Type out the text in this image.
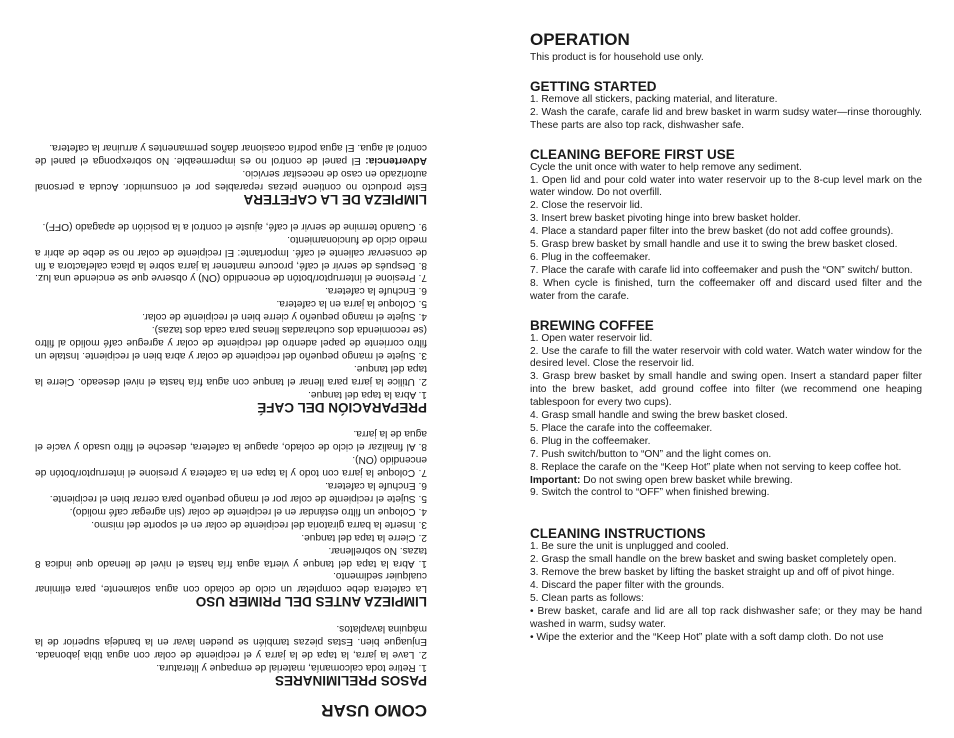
COMO USAR
PASOS PRELIMINARES

1. Retire toda calcomanía, material de empaque y literatura.

2. Lave la jarra, la tapa de la jarra y el recipiente de colar con agua tibia jabonada. Enjuague bien. Estas piezas también se pueden lavar en la bandeja superior de la máquina lavaplatos.

LIMPIEZA ANTES DEL PRIMER USO

La cafetera debe completar un ciclo de colado con agua solamente, para eliminar cualquier sedimento.

1. Abra la tapa del tanque y vierta agua fría hasta el nivel de llenado que indica 8 tazas. No sobrellenar.

2. Cierre la tapa del tanque.

3. Inserte la barra giratoria del recipiente de colar en el soporte del mismo.

4. Coloque un filtro estándar en el recipiente de colar (sin agregar café molido).

5. Sujete el recipiente de colar por el mango pequeño para cerrar bien el recipiente.

6. Enchufe la cafetera.

7. Coloque la jarra con todo y la tapa en la cafetera y presione el interruptor/botón de encendido (ON).

8. Al finalizar el ciclo de colado, apague la cafetera, deseche el filtro usado y vacíe el agua de la jarra.

PREPARACIÓN DEL CAFÉ

1. Abra la tapa del tanque.

2. Utilice la jarra para llenar el tanque con agua fría hasta el nivel deseado. Cierre la tapa del tanque.

3. Sujete el mango pequeño del recipiente de colar y abra bien el recipiente. Instale un filtro corriente de papel adentro del recipiente de colar y agregue café molido al filtro (se recomienda dos cucharadas llenas para cada dos tazas).

4. Sujete el mango pequeño y cierre bien el recipiente de colar.

5. Coloque la jarra en la cafetera.

6. Enchufe la cafetera.

7. Presione el interruptor/botón de encendido (ON) y observe que se enciende una luz.

8. Después de servir el café, procure mantener la jarra sobre la placa calefactora a fin de conservar caliente el café. Importante: El recipiente de colar no se debe de abrir a medio ciclo de funcionamiento.

9. Cuando termine de servir el café, ajuste el control a la posición de apagado (OFF).

LIMPIEZA DE LA CAFETERA

Este producto no contiene piezas reparables por el consumidor. Acuda a personal autorizado en caso de necesitar servicio.

Advertencia: El panel de control no es impermeable. No sobrexponga el panel de control al agua. El agua podría ocasionar daños permanentes y arruinar la cafetera.

OPERATION

This product is for household use only.

GETTING STARTED

1. Remove all stickers, packing material, and literature.

2. Wash the carafe, carafe lid and brew basket in warm sudsy water—rinse thoroughly. These parts are also top rack, dishwasher safe.

CLEANING BEFORE FIRST USE

Cycle the unit once with water to help remove any sediment.

1. Open lid and pour cold water into water reservoir up to the 8-cup level mark on the water window. Do not overfill.

2. Close the reservoir lid.

3. Insert brew basket pivoting hinge into brew basket holder.

4. Place a standard paper filter into the brew basket (do not add coffee grounds).

5. Grasp brew basket by small handle and use it to swing the brew basket closed.

6. Plug in the coffeemaker.

7. Place the carafe with carafe lid into coffeemaker and push the “ON” switch/ button.

8. When cycle is finished, turn the coffeemaker off and discard used filter and the water from the carafe.

BREWING COFFEE

1. Open water reservoir lid.

2. Use the carafe to fill the water reservoir with cold water. Watch water window for the desired level. Close the reservoir lid.

3. Grasp brew basket by small handle and swing open. Insert a standard paper filter into the brew basket, add ground coffee into filter (we recommend one heaping tablespoon for every two cups).

4. Grasp small handle and swing the brew basket closed.

5. Place the carafe into the coffeemaker.

6. Plug in the coffeemaker.

7. Push switch/button to “ON” and the light comes on.

8. Replace the carafe on the “Keep Hot” plate when not serving to keep coffee hot.

Important: Do not swing open brew basket while brewing.

9. Switch the control to “OFF” when finished brewing.

CLEANING INSTRUCTIONS

1. Be sure the unit is unplugged and cooled.

2. Grasp the small handle on the brew basket and swing basket completely open.

3. Remove the brew basket by lifting the basket straight up and off of pivot hinge.

4. Discard the paper filter with the grounds.

5. Clean parts as follows:

• Brew basket, carafe and lid are all top rack dishwasher safe; or they may be hand washed in warm, sudsy water.

• Wipe the exterior and the “Keep Hot” plate with a soft damp cloth. Do not use
